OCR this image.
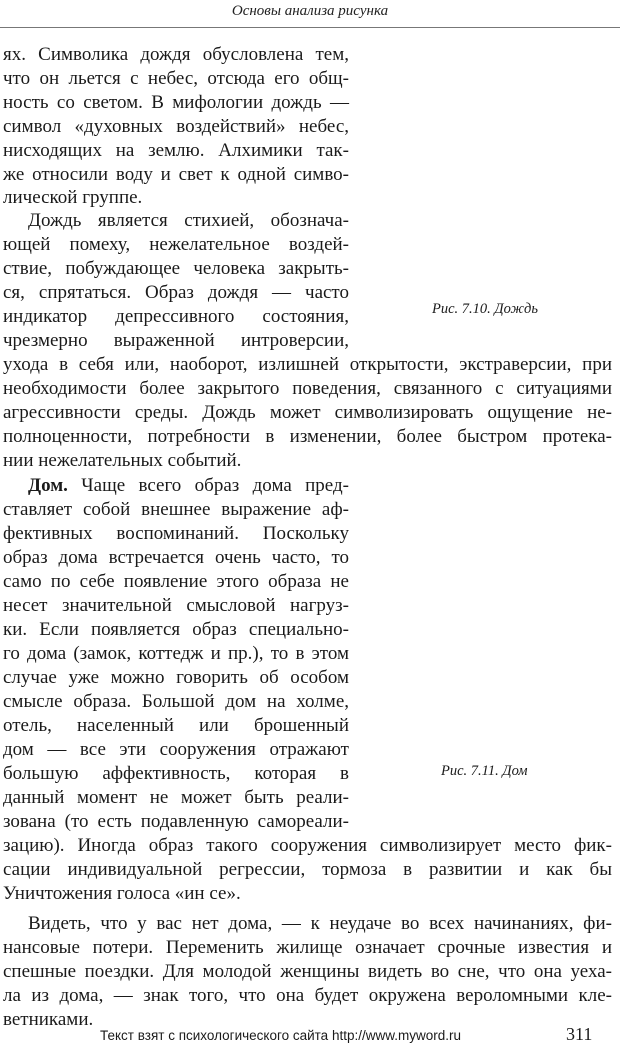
Основы анализа рисунка
ях. Символика дождя обусловлена тем,
что он льется с небес, отсюда его общ-
ность со светом. В мифологии дождь —
символ «духовных воздействий» небес,
нисходящих на землю. Алхимики так-
же относили воду и свет к одной симво-
лической группе.
Дождь является стихией, обознача-
ющей помеху, нежелательное воздей-
ствие, побуждающее человека закрыть-
ся, спрятаться. Образ дождя — часто
индикатор депрессивного состояния,
чрезмерно выраженной интроверсии,
ухода в себя или, наоборот, излишней открытости, экстраверсии, при
необходимости более закрытого поведения, связанного с ситуациями
агрессивности среды. Дождь может символизировать ощущение не-
полноценности, потребности в изменении, более быстром протека-
нии нежелательных событий.
Рис. 7.10. Дождь
Дом. Чаще всего образ дома пред-
ставляет собой внешнее выражение аф-
фективных воспоминаний. Поскольку
образ дома встречается очень часто, то
само по себе появление этого образа не
несет значительной смысловой нагруз-
ки. Если появляется образ специально-
го дома (замок, коттедж и пр.), то в этом
случае уже можно говорить об особом
смысле образа. Большой дом на холме,
отель, населенный или брошенный
дом — все эти сооружения отражают
большую аффективность, которая в
данный момент не может быть реали-
зована (то есть подавленную самореали-
зацию). Иногда образ такого сооружения символизирует место фик-
сации индивидуальной регрессии, тормоза в развитии и как бы
Уничтожения голоса «ин се».
Рис. 7.11. Дом
Видеть, что у вас нет дома, — к неудаче во всех начинаниях, фи-
нансовые потери. Переменить жилище означает срочные известия и
спешные поездки. Для молодой женщины видеть во сне, что она уеха-
ла из дома, — знак того, что она будет окружена вероломными кле-
ветниками.
Текст взят с психологического сайта http://www.myword.ru	311
